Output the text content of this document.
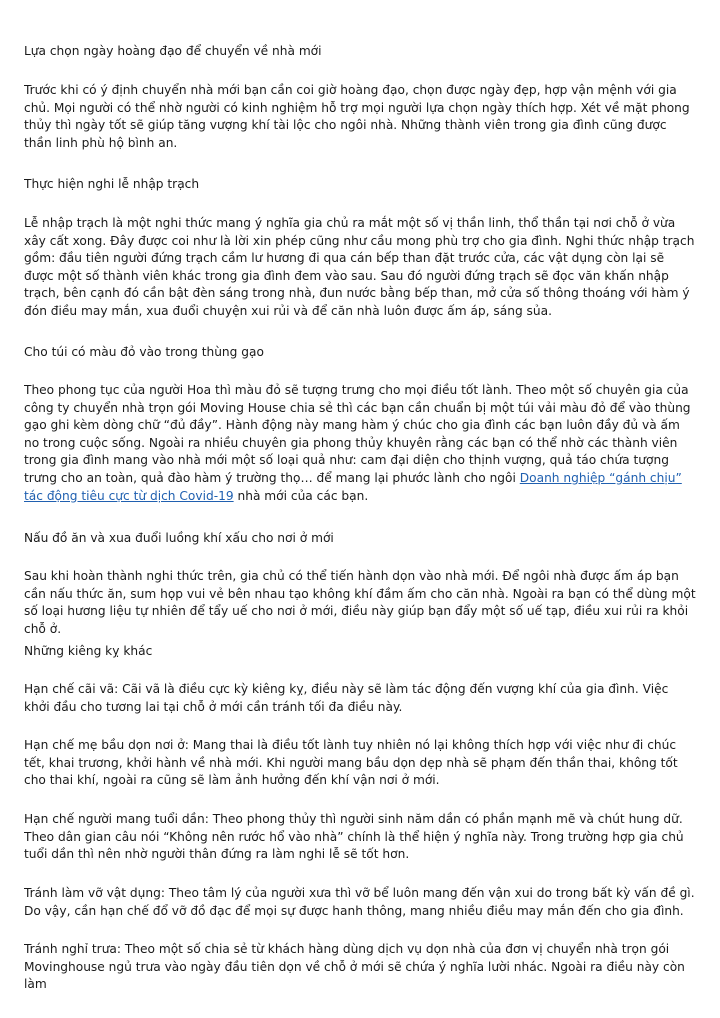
Lựa chọn ngày hoàng đạo để chuyển về nhà mới

Trước khi có ý định chuyển nhà mới bạn cần coi giờ hoàng đạo, chọn được ngày đẹp, hợp vận mệnh với gia chủ. Mọi người có thể nhờ người có kinh nghiệm hỗ trợ mọi người lựa chọn ngày thích hợp. Xét về mặt phong thủy thì ngày tốt sẽ giúp tăng vượng khí tài lộc cho ngôi nhà. Những thành viên trong gia đình cũng được thần linh phù hộ bình an.

Thực hiện nghi lễ nhập trạch

Lễ nhập trạch là một nghi thức mang ý nghĩa gia chủ ra mắt một số vị thần linh, thổ thần tại nơi chỗ ở vừa xây cất xong. Đây được coi như là lời xin phép cũng như cầu mong phù trợ cho gia đình. Nghi thức nhập trạch gồm: đầu tiên người đứng trạch cầm lư hương đi qua cán bếp than đặt trước cửa, các vật dụng còn lại sẽ được một số thành viên khác trong gia đình đem vào sau. Sau đó người đứng trạch sẽ đọc văn khấn nhập trạch, bên cạnh đó cần bật đèn sáng trong nhà, đun nước bằng bếp than, mở cửa số thông thoáng với hàm ý đón điều may mắn, xua đuổi chuyện xui rủi và để căn nhà luôn được ấm áp, sáng sủa.

Cho túi có màu đỏ vào trong thùng gạo

Theo phong tục của người Hoa thì màu đỏ sẽ tượng trưng cho mọi điều tốt lành. Theo một số chuyên gia của công ty chuyển nhà trọn gói Moving House chia sẻ thì các bạn cần chuẩn bị một túi vải màu đỏ để vào thùng gạo ghi kèm dòng chữ “đủ đầy”. Hành động này mang hàm ý chúc cho gia đình các bạn luôn đầy đủ và ấm no trong cuộc sống. Ngoài ra nhiều chuyên gia phong thủy khuyên rằng các bạn có thể nhờ các thành viên trong gia đình mang vào nhà mới một số loại quả như: cam đại diện cho thịnh vượng, quả táo chứa tượng trưng cho an toàn, quả đào hàm ý trường thọ… để mang lại phước lành cho ngôi Doanh nghiệp “gánh chịu” tác động tiêu cực từ dịch Covid-19 nhà mới của các bạn.

Nấu đồ ăn và xua đuổi luồng khí xấu cho nơi ở mới

Sau khi hoàn thành nghi thức trên, gia chủ có thể tiến hành dọn vào nhà mới. Để ngôi nhà được ấm áp bạn cần nấu thức ăn, sum họp vui vẻ bên nhau tạo không khí đầm ấm cho căn nhà. Ngoài ra bạn có thể dùng một số loại hương liệu tự nhiên để tẩy uế cho nơi ở mới, điều này giúp bạn đẩy một số uế tạp, điều xui rủi ra khỏi chỗ ở.

Những kiêng kỵ khác

Hạn chế cãi vã: Cãi vã là điều cực kỳ kiêng kỵ, điều này sẽ làm tác động đến vượng khí của gia đình. Việc khởi đầu cho tương lai tại chỗ ở mới cần tránh tối đa điều này.

Hạn chế mẹ bầu dọn nơi ở: Mang thai là điều tốt lành tuy nhiên nó lại không thích hợp với việc như đi chúc tết, khai trương, khởi hành về nhà mới. Khi người mang bầu dọn dẹp nhà sẽ phạm đến thần thai, không tốt cho thai khí, ngoài ra cũng sẽ làm ảnh hưởng đến khí vận nơi ở mới.

Hạn chế người mang tuổi dần: Theo phong thủy thì người sinh năm dần có phần mạnh mẽ và chút hung dữ. Theo dân gian câu nói “Không nên rước hổ vào nhà” chính là thể hiện ý nghĩa này. Trong trường hợp gia chủ tuổi dần thì nên nhờ người thân đứng ra làm nghi lễ sẽ tốt hơn.

Tránh làm vỡ vật dụng: Theo tâm lý của người xưa thì vỡ bể luôn mang đến vận xui do trong bất kỳ vấn đề gì. Do vậy, cần hạn chế đổ vỡ đồ đạc để mọi sự được hanh thông, mang nhiều điều may mắn đến cho gia đình.

Tránh nghỉ trưa: Theo một số chia sẻ từ khách hàng dùng dịch vụ dọn nhà của đơn vị chuyển nhà trọn gói Movinghouse ngủ trưa vào ngày đầu tiên dọn về chỗ ở mới sẽ chứa ý nghĩa lười nhác. Ngoài ra điều này còn làm
